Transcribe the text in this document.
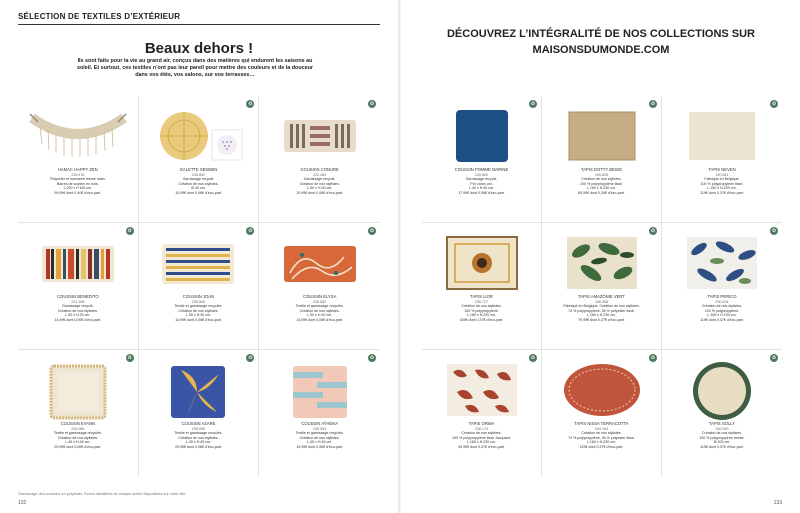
SÉLECTION DE TEXTILES D’EXTÉRIEUR
Beaux dehors !
Ils sont faits pour la vie au grand air, conçus dans des matières qui endurent les saisons au soleil. Et surtout, ces textiles n’ont pas leur pareil pour mettre des couleurs et de la douceur dans vos étés, vos salons, sur vos terrasses…
HAMAC HAPPY ZEN
235.476
Polyester et macramé tressé main.
Barres de soutien en bois.
L.200 x P.100 cm.
99,99€ dont 0,40€ d'éco-part.
♻
GALETTE SENNEN
245.892
Garnissage recyclé.
Création de nos stylistes.
Ø 40 cm.
15,99€ dont 0,06€ d'éco-part.
♻
COUSSIN CONURE
222.463
Garnissage recyclé.
Création de nos stylistes.
L.50 x H.30 cm.
19,99€ dont 0,06€ d'éco-part.
♻
COUSSIN BENEDITO
231.188
Garnissage recyclé.
Création de nos stylistes.
L.50 x H.30 cm.
14,99€ dont 0,06€ d'éco-part.
♻
COUSSIN JOAN
236.508
Textile et garnissage recyclés.
Création de nos stylistes.
L.50 x H.30 cm.
14,99€ dont 0,06€ d'éco-part.
♻
COUSSIN ELYSA
236.552
Textile et garnissage recyclés.
Création de nos stylistes.
L.50 x H.30 cm.
14,99€ dont 0,06€ d'éco-part.
♻
COUSSIN EVANN
239.089
Textile et garnissage recyclés.
Création de nos stylistes.
L.45 x H.45 cm.
29,99€ dont 0,06€ d'éco-part.
♻
COUSSIN AZARE
239.555
Textile et garnissage recyclés.
Création de nos stylistes.
L.45 x H.45 cm.
29,99€ dont 0,06€ d'éco-part.
♻
COUSSIN ATHENA
239.553
Textile et garnissage recyclés.
Création de nos stylistes.
L.45 x H.45 cm.
19,99€ dont 0,06€ d'éco-part.
Garnissage des coussins en polyester. Fiches détaillées de chaque article disponibles sur notre site.
132
DÉCOUVREZ L’INTÉGRALITÉ DE NOS COLLECTIONS SUR
MAISONSDUMONDE.COM
♻
COUSSIN POMME MARINE
230.660
Garnissage recyclé.
Pur coton uni.
L.40 x H.40 cm.
17,99€ dont 0,06€ d'éco-part.
♻
TAPIS DOTTY BEIGE
159.608
Création de nos stylistes.
100 % polypropylène tissé.
L.160 x H.230 cm.
69,99€ dont 0,30€ d'éco-part.
♻
TAPIS NEVEN
240.661
Fabriqué en Belgique.
100 % polypropylène tissé.
L.160 x H.230 cm.
119€ dont 0,37€ d'éco-part.
TAPIS LIOR
236.727
Création de nos stylistes.
100 % polypropylène.
L.160 x H.230 cm.
159€ dont 0,37€ d'éco-part.
♻
TAPIS AMAZONIE VERT
166.058
Fabriqué en Belgique. Création de nos stylistes.
74 % polypropylène, 26 % polyester tissé.
L.160 x H.230 cm.
79,99€ dont 0,37€ d'éco-part.
♻
TAPIS PERICO
230.204
Création de nos stylistes.
100 % polypropylène.
L.160 x H.230 cm.
119€ dont 0,37€ d'éco-part.
♻
TAPIS ORWA
236.174
Création de nos stylistes.
100 % polypropylène tissé Jacquard.
L.160 x H.230 cm.
49,99€ dont 0,37€ d'éco-part.
♻
TAPIS NISSA TERRACOTTA
243.154
Création de nos stylistes.
74 % polypropylène, 26 % polyester tissé.
L.160 x H.230 cm.
129€ dont 0,37€ d'éco-part.
♻
TAPIS SOLLY
240.040
Création de nos stylistes.
100 % polypropylène tressé.
Ø 200 cm.
119€ dont 0,37€ d'éco-part.
133
